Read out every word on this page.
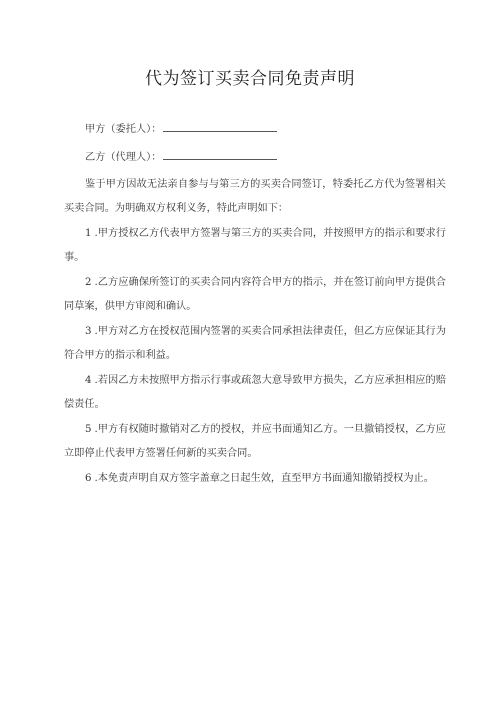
代为签订买卖合同免责声明

甲方（委托人）：

乙方（代理人）：

鉴于甲方因故无法亲自参与与第三方的买卖合同签订，特委托乙方代为签署相关买卖合同。为明确双方权利义务，特此声明如下：

1 .甲方授权乙方代表甲方签署与第三方的买卖合同，并按照甲方的指示和要求行事。

2 .乙方应确保所签订的买卖合同内容符合甲方的指示，并在签订前向甲方提供合同草案，供甲方审阅和确认。

3 .甲方对乙方在授权范围内签署的买卖合同承担法律责任，但乙方应保证其行为符合甲方的指示和利益。

4 .若因乙方未按照甲方指示行事或疏忽大意导致甲方损失，乙方应承担相应的赔偿责任。

5 .甲方有权随时撤销对乙方的授权，并应书面通知乙方。一旦撤销授权，乙方应立即停止代表甲方签署任何新的买卖合同。

6 .本免责声明自双方签字盖章之日起生效，直至甲方书面通知撤销授权为止。
